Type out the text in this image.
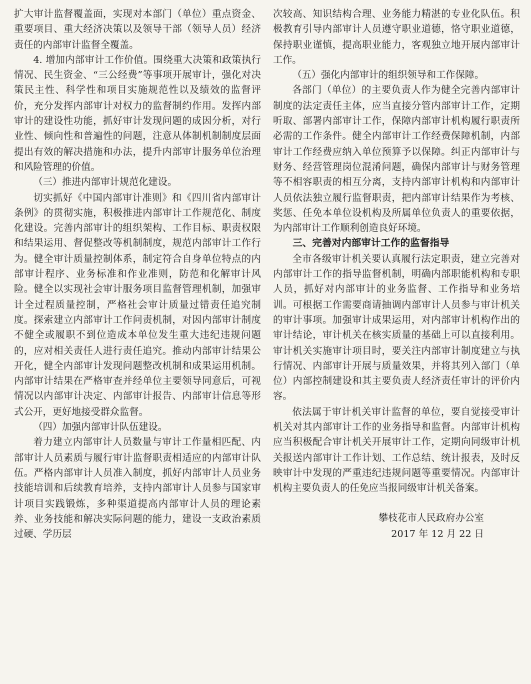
扩大审计监督覆盖面，实现对本部门（单位）重点资金、重要项目、重大经济决策以及领导干部（领导人员）经济责任的内部审计监督全覆盖。

4. 增加内部审计工作价值。围绕重大决策和政策执行情况、民生资金、“三公经费”等事项开展审计，强化对决策民主性、科学性和项目实施规范性以及绩效的监督评价，充分发挥内部审计对权力的监督制约作用。发挥内部审计的建设性功能，抓好审计发现问题的成因分析，对行业性、倾向性和普遍性的问题，注意从体制机制制度层面提出有效的解决措施和办法，提升内部审计服务单位治理和风险管理的价值。

（三）推进内部审计规范化建设。

切实抓好《中国内部审计准则》和《四川省内部审计条例》的贯彻实施，积极推进内部审计工作规范化、制度化建设。完善内部审计的组织架构、工作目标、职责权限和结果运用、督促整改等机制制度，规范内部审计工作行为。健全审计质量控制体系，制定符合自身单位特点的内部审计程序、业务标准和作业准则，防范和化解审计风险。健全以实现社会审计服务项目监督管理机制，加强审计全过程质量控制，严格社会审计质量过错责任追究制度。探索建立内部审计工作问责机制，对因内部审计制度不健全或履职不到位造成本单位发生重大违纪违规问题的，应对相关责任人进行责任追究。推动内部审计结果公开化，健全内部审计发现问题整改机制和成果运用机制。内部审计结果在严格审查并经单位主要领导同意后，可视情况以内部审计决定、内部审计报告、内部审计信息等形式公开，更好地接受群众监督。

（四）加强内部审计队伍建设。

着力建立内部审计人员数量与审计工作量相匹配、内部审计人员素质与履行审计监督职责相适应的内部审计队伍。严格内部审计人员准入制度，抓好内部审计人员业务技能培训和后续教育培养，支持内部审计人员参与国家审计项目实践锻炼，多种渠道提高内部审计人员的理论素养、业务技能和解决实际问题的能力，建设一支政治素质过硬、学历层

次较高、知识结构合理、业务能力精湛的专业化队伍。积极教育引导内部审计人员遵守职业道德，恪守职业道德，保持职业谨慎，提高职业能力，客观独立地开展内部审计工作。

（五）强化内部审计的组织领导和工作保障。

各部门（单位）的主要负责人作为健全完善内部审计制度的法定责任主体，应当直接分管内部审计工作，定期听取、部署内部审计工作，保障内部审计机构履行职责所必需的工作条件。健全内部审计工作经费保障机制，内部审计工作经费应纳入单位预算予以保障。纠正内部审计与财务、经营管理岗位混淆问题，确保内部审计与财务管理等不相容职责的相互分离，支持内部审计机构和内部审计人员依法独立履行监督职责，把内部审计结果作为考核、奖惩、任免本单位设机构及所属单位负责人的重要依据，为内部审计工作顺利创造良好环境。

三、完善对内部审计工作的监督指导

全市各级审计机关要认真履行法定职责，建立完善对内部审计工作的指导监督机制，明确内部职能机构和专职人员，抓好对内部审计的业务监督、工作指导和业务培训。可根据工作需要商请抽调内部审计人员参与审计机关的审计事项。加强审计成果运用，对内部审计机构作出的审计结论，审计机关在核实质量的基础上可以直接利用。审计机关实施审计项目时，要关注内部审计制度建立与执行情况、内部审计开展与质量效果，并将其列入部门（单位）内部控制建设和其主要负责人经济责任审计的评价内容。

依法属于审计机关审计监督的单位，要自觉接受审计机关对其内部审计工作的业务指导和监督。内部审计机构应当积极配合审计机关开展审计工作，定期向同级审计机关报送内部审计工作计划、工作总结、统计报表，及时反映审计中发现的严重违纪违规问题等重要情况。内部审计机构主要负责人的任免应当报同级审计机关备案。

攀枝花市人民政府办公室
2017 年 12 月 22 日
